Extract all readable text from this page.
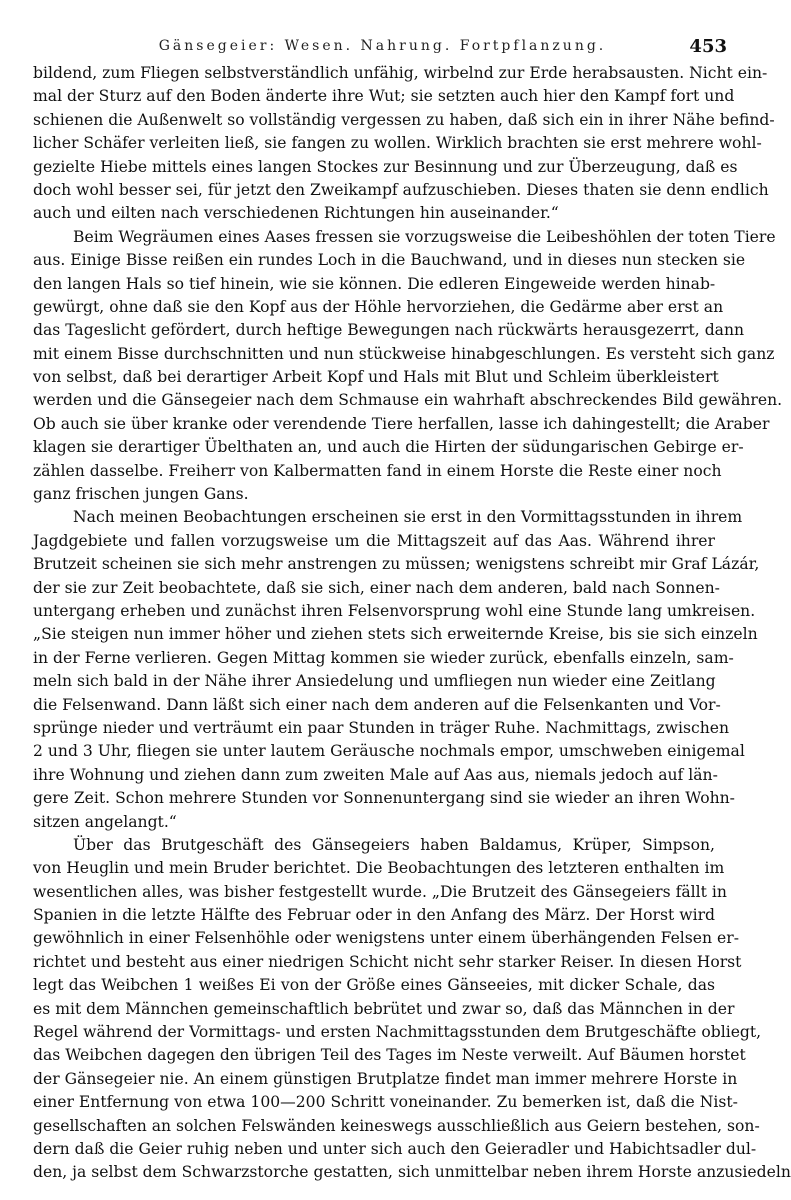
Gänsegeier: Wesen. Nahrung. Fortpflanzung.	453
bildend, zum Fliegen selbstverständlich unfähig, wirbelnd zur Erde herabsausten. Nicht ein-
mal der Sturz auf den Boden änderte ihre Wut; sie setzten auch hier den Kampf fort und
schienen die Außenwelt so vollständig vergessen zu haben, daß sich ein in ihrer Nähe befind-
licher Schäfer verleiten ließ, sie fangen zu wollen. Wirklich brachten sie erst mehrere wohl-
gezielte Hiebe mittels eines langen Stockes zur Besinnung und zur Überzeugung, daß es
doch wohl besser sei, für jetzt den Zweikampf aufzuschieben. Dieses thaten sie denn endlich
auch und eilten nach verschiedenen Richtungen hin auseinander.“
Beim Wegräumen eines Aases fressen sie vorzugsweise die Leibeshöhlen der toten Tiere
aus. Einige Bisse reißen ein rundes Loch in die Bauchwand, und in dieses nun stecken sie
den langen Hals so tief hinein, wie sie können. Die edleren Eingeweide werden hinab-
gewürgt, ohne daß sie den Kopf aus der Höhle hervorziehen, die Gedärme aber erst an
das Tageslicht gefördert, durch heftige Bewegungen nach rückwärts herausgezerrt, dann
mit einem Bisse durchschnitten und nun stückweise hinabgeschlungen. Es versteht sich ganz
von selbst, daß bei derartiger Arbeit Kopf und Hals mit Blut und Schleim überkleistert
werden und die Gänsegeier nach dem Schmause ein wahrhaft abschreckendes Bild gewähren.
Ob auch sie über kranke oder verendende Tiere herfallen, lasse ich dahingestellt; die Araber
klagen sie derartiger Übelthaten an, und auch die Hirten der südungarischen Gebirge er-
zählen dasselbe. Freiherr von Kalbermatten fand in einem Horste die Reste einer noch
ganz frischen jungen Gans.
Nach meinen Beobachtungen erscheinen sie erst in den Vormittagsstunden in ihrem
Jagdgebiete und fallen vorzugsweise um die Mittagszeit auf das Aas. Während ihrer
Brutzeit scheinen sie sich mehr anstrengen zu müssen; wenigstens schreibt mir Graf Lázár,
der sie zur Zeit beobachtete, daß sie sich, einer nach dem anderen, bald nach Sonnen-
untergang erheben und zunächst ihren Felsenvorsprung wohl eine Stunde lang umkreisen.
„Sie steigen nun immer höher und ziehen stets sich erweiternde Kreise, bis sie sich einzeln
in der Ferne verlieren. Gegen Mittag kommen sie wieder zurück, ebenfalls einzeln, sam-
meln sich bald in der Nähe ihrer Ansiedelung und umfliegen nun wieder eine Zeitlang
die Felsenwand. Dann läßt sich einer nach dem anderen auf die Felsenkanten und Vor-
sprünge nieder und verträumt ein paar Stunden in träger Ruhe. Nachmittags, zwischen
2 und 3 Uhr, fliegen sie unter lautem Geräusche nochmals empor, umschweben einigemal
ihre Wohnung und ziehen dann zum zweiten Male auf Aas aus, niemals jedoch auf län-
gere Zeit. Schon mehrere Stunden vor Sonnenuntergang sind sie wieder an ihren Wohn-
sitzen angelangt.“
Über das Brutgeschäft des Gänsegeiers haben Baldamus, Krüper, Simpson,
von Heuglin und mein Bruder berichtet. Die Beobachtungen des letzteren enthalten im
wesentlichen alles, was bisher festgestellt wurde. „Die Brutzeit des Gänsegeiers fällt in
Spanien in die letzte Hälfte des Februar oder in den Anfang des März. Der Horst wird
gewöhnlich in einer Felsenhöhle oder wenigstens unter einem überhängenden Felsen er-
richtet und besteht aus einer niedrigen Schicht nicht sehr starker Reiser. In diesen Horst
legt das Weibchen 1 weißes Ei von der Größe eines Gänseeies, mit dicker Schale, das
es mit dem Männchen gemeinschaftlich bebrütet und zwar so, daß das Männchen in der
Regel während der Vormittags- und ersten Nachmittagsstunden dem Brutgeschäfte obliegt,
das Weibchen dagegen den übrigen Teil des Tages im Neste verweilt. Auf Bäumen horstet
der Gänsegeier nie. An einem günstigen Brutplatze findet man immer mehrere Horste in
einer Entfernung von etwa 100—200 Schritt voneinander. Zu bemerken ist, daß die Nist-
gesellschaften an solchen Felswänden keineswegs ausschließlich aus Geiern bestehen, son-
dern daß die Geier ruhig neben und unter sich auch den Geieradler und Habichtsadler dul-
den, ja selbst dem Schwarzstorche gestatten, sich unmittelbar neben ihrem Horste anzusiedeln
